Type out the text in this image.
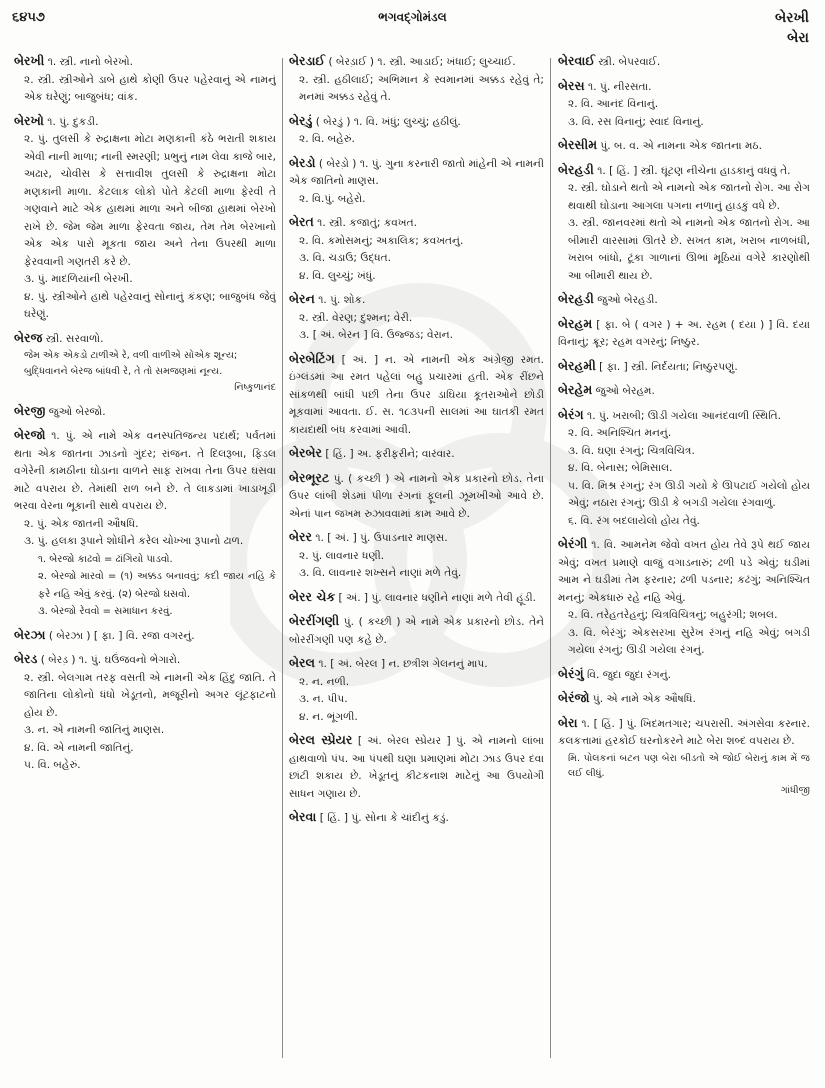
૬૪૫૭	ભગવદ્ગોમંડલ	બેરખી
બેરા
બેરખી ૧. સ્ત્રી. નાનો બેરખો.
૨. સ્ત્રી. સ્ત્રીઓને ડાબે હાથે કોણી ઉપર પહેરવાનું એ નામનું એક ઘરેણું; બાજુબંધ; વાંક.
બેરખો ૧. પું. દુકડી.
૨. પું. તુલસી કે રુદ્રાક્ષના મોટા મણકાની કંઠે ભરાતી શકાય એવી નાની માળા; નાની સ્મરણી; પ્રભુનું નામ લેવા કાજે બાર, અઢાર, ચોવીસ કે સત્તાવીશ તુલસી કે રુદ્રાક્ષના મોટા મણકાની માળા. કેટલાક લોકો પોતે કેટલી માળા ફેરવી તે ગણવાને માટે એક હાથમાં માળા અને બીજા હાથમાં બેરખો રાખે છે. જેમ જેમ માળા ફેરવતા જાય, તેમ તેમ બેરખાનો એક એક પારો મૂકતા જાય અને તેના ઉપરથી માળા ફેરવવાની ગણતરી કરે છે.
૩. પું. માદળિયાંની બેરખી.
૪. પું. સ્ત્રીઓને હાથે પહેરવાનું સોનાનું કંકણ; બાજુબંધ જેવું ઘરેણું.
બેરજ સ્ત્રી. સરવાળો.
જેમ એક એકડો ટાળીએ રે, વળી વાળીએ સોએક શૂન્ય;
બુદ્ધિવાનને બેરજ બાંધવી રે, તે તો સમજણમાં નૂન્ય.
નિષ્કુળાનંદ
બેરજી જુઓ બેરજો.
બેરજો ૧. પું. એ નામે એક વનસ્પતિજન્ય પદાર્થ; પર્વતમાં થતા એક જાતના ઝાડનો ગુંદર; રાંજન. તે દિલરૂબા, ફિડલ વગેરેની કામઠીના ઘોડાના વાળને સાફ રાખવા તેના ઉપર ઘસવા માટે વપરાય છે. તેમાંથી રાળ બને છે. તે લાકડામાં ખાડાખૂડી ભરવા વેરના ભૂકાની સાથે વપરાય છે.
૨. પું. એક જાતની ઔષધિ.
૩. પું. હલકા રૂપાને શોધીને કરેલ ચોખ્ખા રૂપાનો ઢાળ.
૧. બેરજો કાઢવો = ઢાંગિયો પાડવો.
૨. બેરજો મારવો = (૧) અક્કડ બનાવવું; કદી જાય નહિ કે ફરે નહિ એવું કરવું. (૨) બેરજો ઘસવો.
૩. બેરજો રેવવો = સમાધાન કરવું.
બેરઝા ( બેરઝા ) [ ફા. ] વિ. રજા વગરનું.
બેરડ ( બેરડ઼ ) ૧. પું. ઘઉંજવનો ભેગારો.
૨. સ્ત્રી. બેલગામ તરફ વસતી એ નામની એક હિંદુ જાતિ. તે જાતિના લોકોનો ધંધો ખેડૂતનો, મજૂરીનો અગર લૂંટફાટનો હોય છે.
૩. ન. એ નામની જાતિનું માણસ.
૪. વિ. એ નામની જાતિનું.
૫. વિ. બહેરું.
બેરડાઈ ( બેરડ઼ાઈ ) ૧. સ્ત્રી. આડાઈ; ખંધાઈ; લુચ્ચાઈ.
૨. સ્ત્રી. હઠીલાઈ; અભિમાન કે સ્વમાનમાં અક્કડ રહેવું તે; મનમાં અક્કડ રહેવું તે.
બેરડું ( બેરડ઼ું ) ૧. વિ. ખંધું; લુચ્ચું; હઠીલું.
૨. વિ. બહેરું.
બેરડો ( બેરડ઼ો ) ૧. પું. ગુના કરનારી જાતો માંહેની એ નામની એક જાતિનો માણસ.
૨. વિ.પું. બહેરો.
બેરત ૧. સ્ત્રી. કજાતું; કવખત.
૨. વિ. કમોસમનું; અકાલિક; કવખતનું.
૩. વિ. ચડાઉ; ઉદ્ધત.
૪. વિ. લુચ્ચું; ખંધું.
બેરન ૧. પું. શોક.
૨. સ્ત્રી. વેરણ; દુશ્મન; વેરી.
૩. [ અં. બેરન ] વિ. ઉજ્જડ; વેરાન.
બેરબેટિંગ [ અં. ] ન. એ નામની એક અંગ્રેજી રમત. ઇંગ્લંડમાં આ રમત પહેલાં બહુ પ્રચારમાં હતી. એક રીંછને સાંકળથી બાંધી પછી તેના ઉપર ડાઘિયા કૂતરાઓને છોડી મૂકવામાં આવતા. ઈ. સ. ૧૮૩૫ની સાલમાં આ ઘાતકી રમત કાયદાથી બંધ કરવામાં આવી.
બેરબેર [ હિં. ] અ. ફરીફરીને; વારંવાર.
બેરભૂરટ પું. ( કચ્છી ) એ નામનો એક પ્રકારનો છોડ. તેના ઉપર લાંબી શેડમાં પીળા રંગનાં ફૂલની ઝૂમખીઓ આવે છે. એનાં પાન જખમ રુઝાવવામાં કામ આવે છે.
બેરર ૧. [ અં. ] પું. ઉપાડનાર માણસ.
૨. પું. લાવનાર ધણી.
૩. વિ. લાવનાર શખ્સને નાણાં મળે તેવું.
બેરર ચેક [ અં. ] પું. લાવનાર ધણીને નાણાં મળે તેવી હૂંડી.
બેરરીંગણી પું. ( કચ્છી ) એ નામે એક પ્રકારનો છોડ. તેને બોરરીંગણી પણ કહે છે.
બેરલ ૧. [ અં. બેરલ ] ન. છત્રીશ ગેલનનું માપ.
૨. ન. નળી.
૩. ન. પીપ.
૪. ન. ભૂંગળી.
બેરલ સ્પ્રેયર [ અં. બેરલ સ્પ્રેયર ] પું. એ નામનો લાંબા હાથવાળો પંપ. આ પંપથી ઘણા પ્રમાણમાં મોટા ઝાડ ઉપર દવા છાંટી શકાય છે. ખેડૂતનું કીટકનાશ માટેનું આ ઉપયોગી સાધન ગણાય છે.
બેરવા [ હિં. ] પું. સોના કે ચાંદીનું કડું.
બેરવાઈ સ્ત્રી. બેપરવાઈ.
બેરસ ૧. પું. નીરસતા.
૨. વિ. આનંદ વિનાનું.
૩. વિ. રસ વિનાનું; સ્વાદ વિનાનું.
બેરસીમ પું. બ. વ. એ નામના એક જાતના મઠ.
બેરહડી ૧. [ હિં. ] સ્ત્રી. ઘૂંટણ નીચેના હાડકાનું વધવું તે.
૨. સ્ત્રી. ઘોડાને થતો એ નામનો એક જાતનો રોગ. આ રોગ થવાથી ઘોડાના આગલા પગના નળાનું હાડકું વધે છે.
૩. સ્ત્રી. જાનવરમાં થતો એ નામનો એક જાતનો રોગ. આ બીમારી વારસામાં ઊતરે છે. સખત કામ, ખરાબ નાળબંધી, ખરાબ બાંધો, ટૂંકા ગાળાનાં ઊભાં મૂઠિયાં વગેરે કારણોથી આ બીમારી થાય છે.
બેરહડી જુઓ બેરહડી.
બેરહમ [ ફા. બે ( વગર ) + અ. રહમ ( દયા ) ] વિ. દયા વિનાનું; ક્રૂર; રહમ વગરનું; નિષ્ઠુર.
બેરહમી [ ફા. ] સ્ત્રી. નિર્દયતા; નિષ્ઠુરપણું.
બેરહેમ જુઓ બેરહમ.
બેરંગ ૧. પું. ખરાબી; ઊડી ગયેલા આનંદવાળી સ્થિતિ.
૨. વિ. અનિશ્ચિત મનનું.
૩. વિ. ઘણા રંગનું; ચિત્રવિચિત્ર.
૪. વિ. બેનાસ; બેમિસાલ.
૫. વિ. મિશ્ર રંગનું; રંગ ઊડી ગયો કે ઊપટાઈ ગયેલો હોય એવું; નઠારા રંગનું; ઊડી કે બગડી ગયેલા રંગવાળું.
૬. વિ. રંગ બદલાયેલો હોય તેવું.
બેરંગી ૧. વિ. આમનેમ જેવો વખત હોય તેવે રૂપે થઈ જાય એવું; વખત પ્રમાણે વાજું વગાડનારું; ઢળી પડે એવું; ઘડીમાં આમ ને ઘડીમાં તેમ ફરનાર; ઢળી પડનાર; કઢંગું; અનિશ્ચિત મનનું; એકધારું રહે નહિ એવું.
૨. વિ. તરેહતરેહનું; ચિત્રવિચિત્રનું; બહુરંગી; શબલ.
૩. વિ. બેરંગું; એકસરખા સુરેખ રંગનું નહિ એવું; બગડી ગયેલા રંગનું; ઊડી ગયેલા રંગનું.
બેરંગું વિ. જુદા જુદા રંગનું.
બેરંજો પું. એ નામે એક ઔષધિ.
બેરા ૧. [ હિં. ] પું. ખિદમતગાર; ચપરાસી. અંગસેવા કરનાર. કલકત્તામાં હરકોઈ ઘરનોકરને માટે બેરા શબ્દ વપરાય છે.
મિ. પોલકનાં બટન પણ બેરા બીડતો એ જોઈ બેરાનું કામ મેં જ લઈ લીધું.
ગાંધીજી
